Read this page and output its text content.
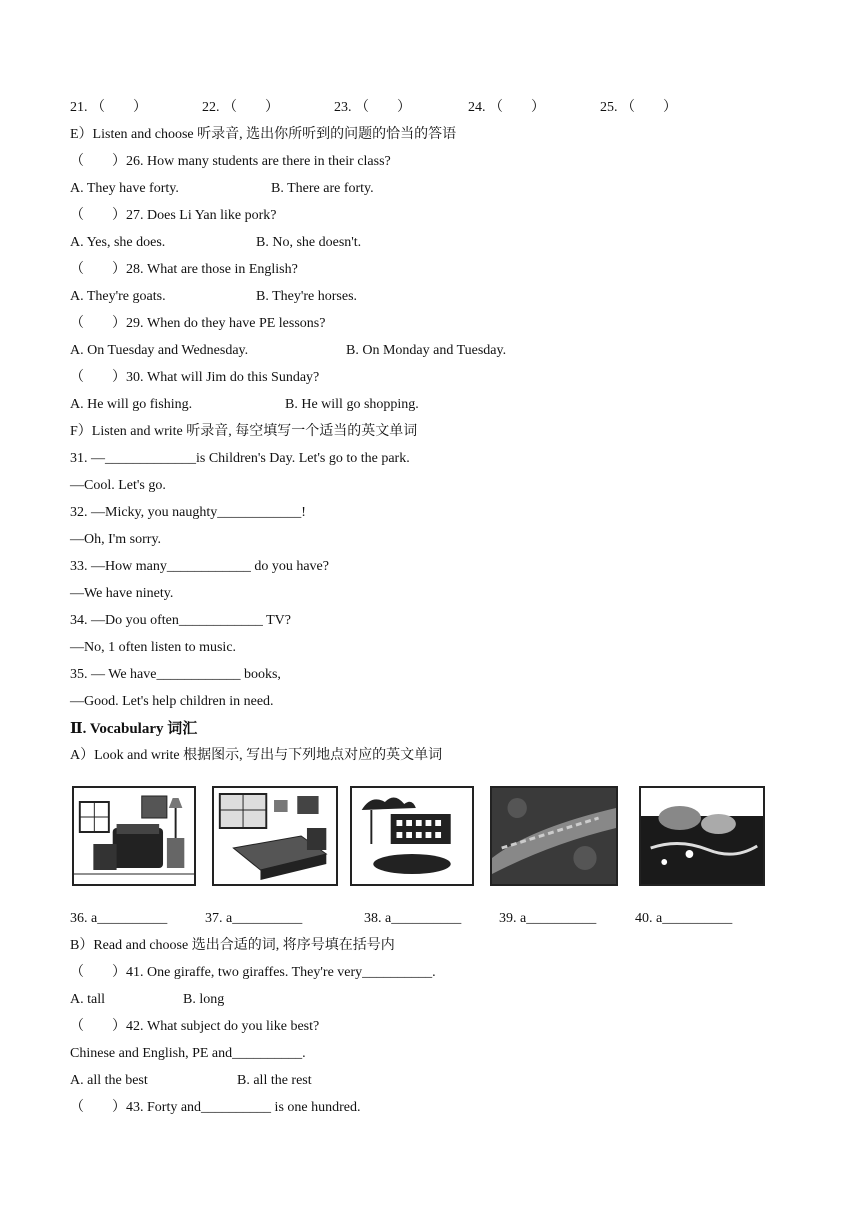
21. （　　）	22. （　　）	23. （　　）	24. （　　）	25. （　　）
E）Listen and choose 听录音, 选出你所听到的问题的恰当的答语
（　　）26. How many students are there in their class?
A. They have forty.	B. There are forty.
（　　）27. Does Li Yan like pork?
A. Yes, she does.	B. No, she doesn't.
（　　）28. What are those in English?
A. They're goats.	B. They're horses.
（　　）29. When do they have PE lessons?
A. On Tuesday and Wednesday.	B. On Monday and Tuesday.
（　　）30. What will Jim do this Sunday?
A. He will go fishing.	B. He will go shopping.
F）Listen and write 听录音, 每空填写一个适当的英文单词
31. —_____________is Children's Day. Let's go to the park.
—Cool. Let's go.
32. —Micky, you naughty____________!
—Oh, I'm sorry.
33. —How many____________ do you have?
—We have ninety.
34. —Do you often____________ TV?
—No, 1 often listen to music.
35. — We have____________ books,
—Good. Let's help children in need.
Ⅱ. Vocabulary 词汇
A）Look and write 根据图示, 写出与下列地点对应的英文单词
36. a__________	37. a__________	38. a__________	39. a__________	40. a__________
B）Read and choose 选出合适的词, 将序号填在括号内
（　　）41. One giraffe, two giraffes. They're very__________.
A. tall	B. long
（　　）42. What subject do you like best?
Chinese and English, PE and__________.
A. all the best	B. all the rest
（　　）43. Forty and__________ is one hundred.
